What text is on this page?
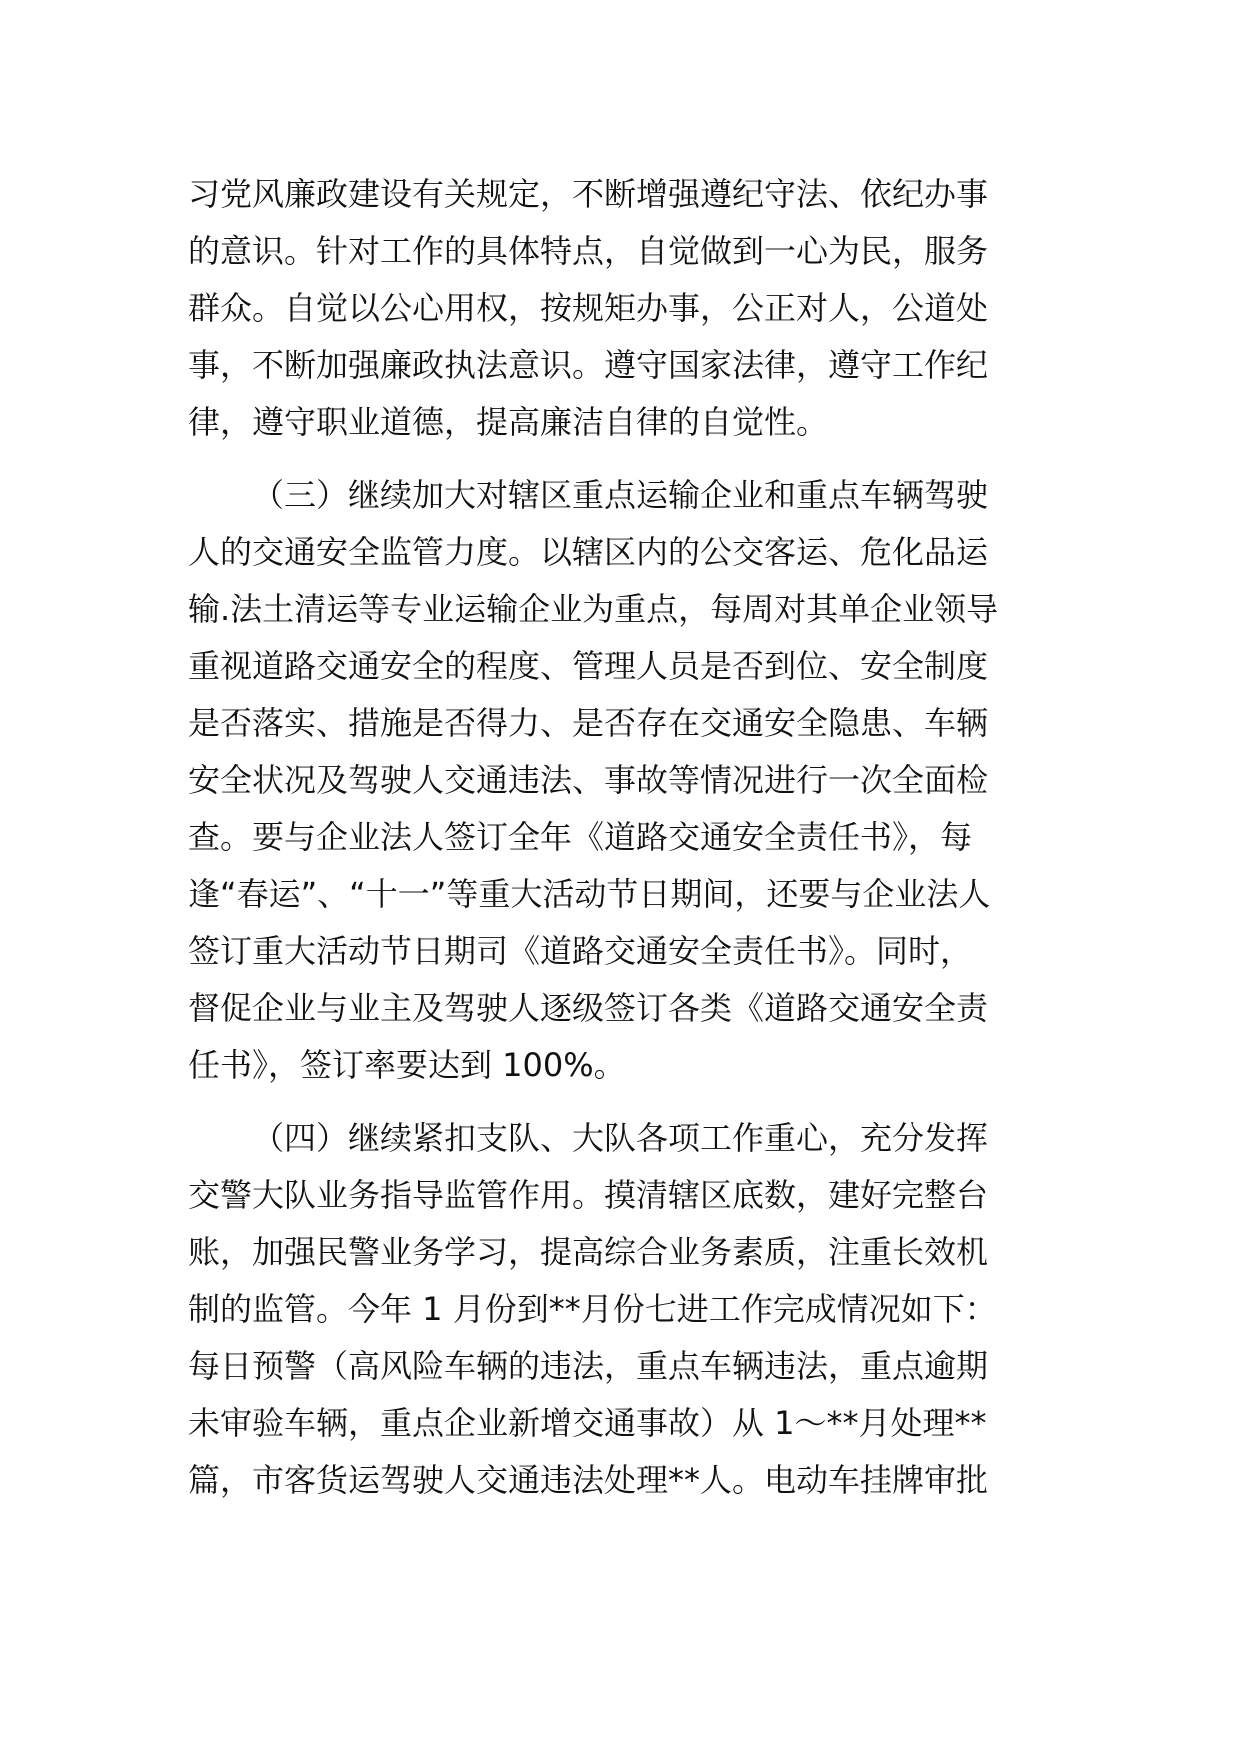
习党风廉政建设有关规定，不断增强遵纪守法、依纪办事

的意识。针对工作的具体特点，自觉做到一心为民，服务

群众。自觉以公心用权，按规矩办事，公正对人，公道处

事，不断加强廉政执法意识。遵守国家法律，遵守工作纪

律，遵守职业道德，提高廉洁自律的自觉性。

（三）继续加大对辖区重点运输企业和重点车辆驾驶

人的交通安全监管力度。以辖区内的公交客运、危化品运

输.法土清运等专业运输企业为重点，每周对其单企业领导

重视道路交通安全的程度、管理人员是否到位、安全制度

是否落实、措施是否得力、是否存在交通安全隐患、车辆

安全状况及驾驶人交通违法、事故等情况进行一次全面检

查。要与企业法人签订全年《道路交通安全责任书》，每

逢“春运”、“十一”等重大活动节日期间，还要与企业法人

签订重大活动节日期司《道路交通安全责任书》。同时，

督促企业与业主及驾驶人逐级签订各类《道路交通安全责

任书》，签订率要达到 100%。

（四）继续紧扣支队、大队各项工作重心，充分发挥

交警大队业务指导监管作用。摸清辖区底数，建好完整台

账，加强民警业务学习，提高综合业务素质，注重长效机

制的监管。今年 1 月份到**月份七进工作完成情况如下：

每日预警（高风险车辆的违法，重点车辆违法，重点逾期

未审验车辆，重点企业新增交通事故）从 1～**月处理**

篇，市客货运驾驶人交通违法处理**人。电动车挂牌审批
